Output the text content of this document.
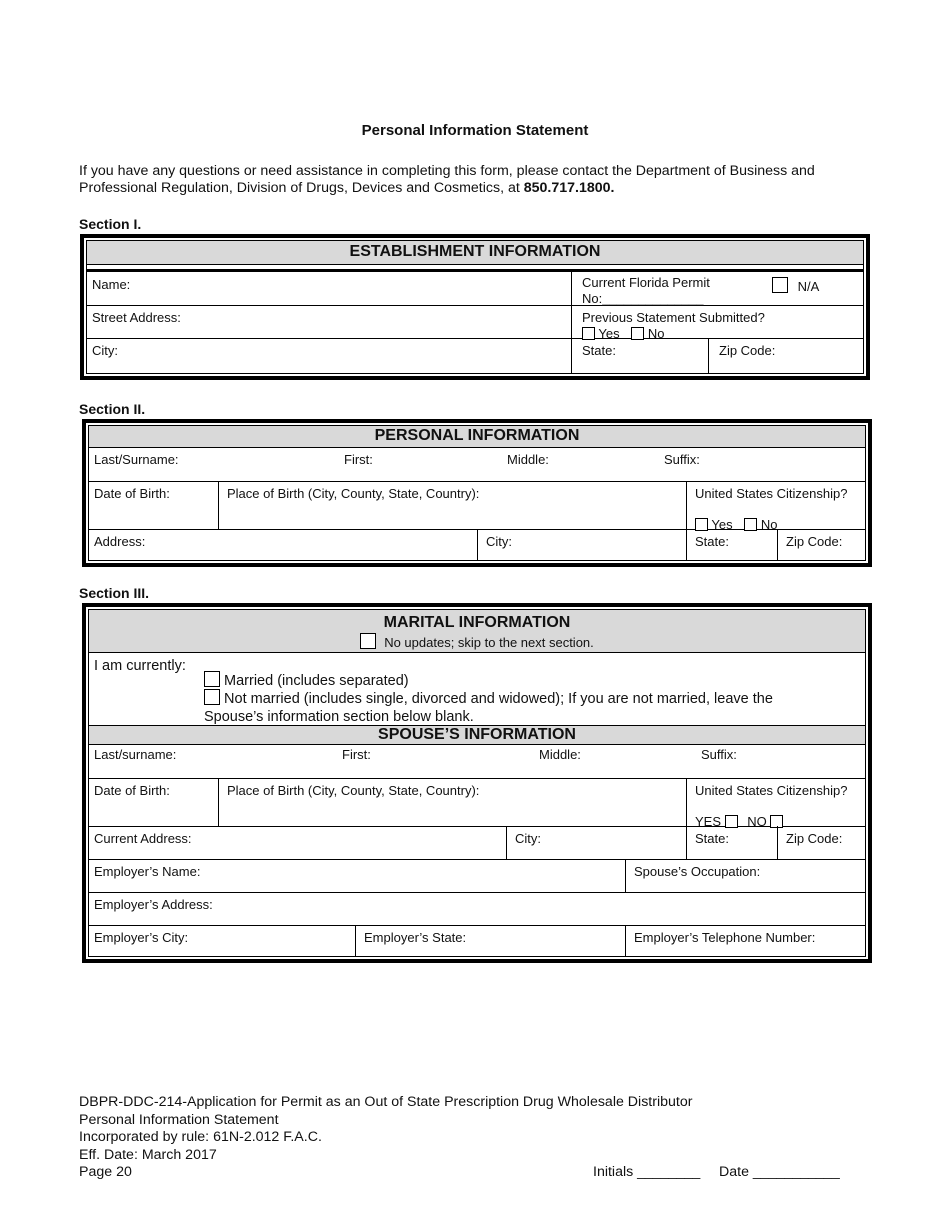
Personal Information Statement
If you have any questions or need assistance in completing this form, please contact the Department of Business and Professional Regulation, Division of Drugs, Devices and Cosmetics, at 850.717.1800.
Section I.
ESTABLISHMENT INFORMATION
Name:	Current Florida Permit
No:______________
N/A
Street Address:	Previous Statement Submitted?
Yes No
City:	State:	Zip Code:
Section II.
PERSONAL INFORMATION
Last/Surname:	First:	Middle:	Suffix:
Date of Birth:	Place of Birth (City, County, State, Country):	United States Citizenship?
Yes No
Address:	City:	State:	Zip Code:
Section III.
MARITAL INFORMATION
No updates; skip to the next section.
I am currently:
Married (includes separated)
Not married (includes single, divorced and widowed); If you are not married, leave the
Spouse’s information section below blank.
SPOUSE’S INFORMATION
Last/surname:	First:	Middle:	Suffix:
Date of Birth:	Place of Birth (City, County, State, Country):	United States Citizenship?
YES NO
Current Address:	City:	State:	Zip Code:
Employer’s Name:	Spouse’s Occupation:
Employer’s Address:
Employer’s City:	Employer’s State:	Employer’s Telephone Number:
DBPR-DDC-214-Application for Permit as an Out of State Prescription Drug Wholesale Distributor
Personal Information Statement
Incorporated by rule: 61N-2.012 F.A.C.
Eff. Date: March 2017
Page 20	Initials ________ Date ___________
